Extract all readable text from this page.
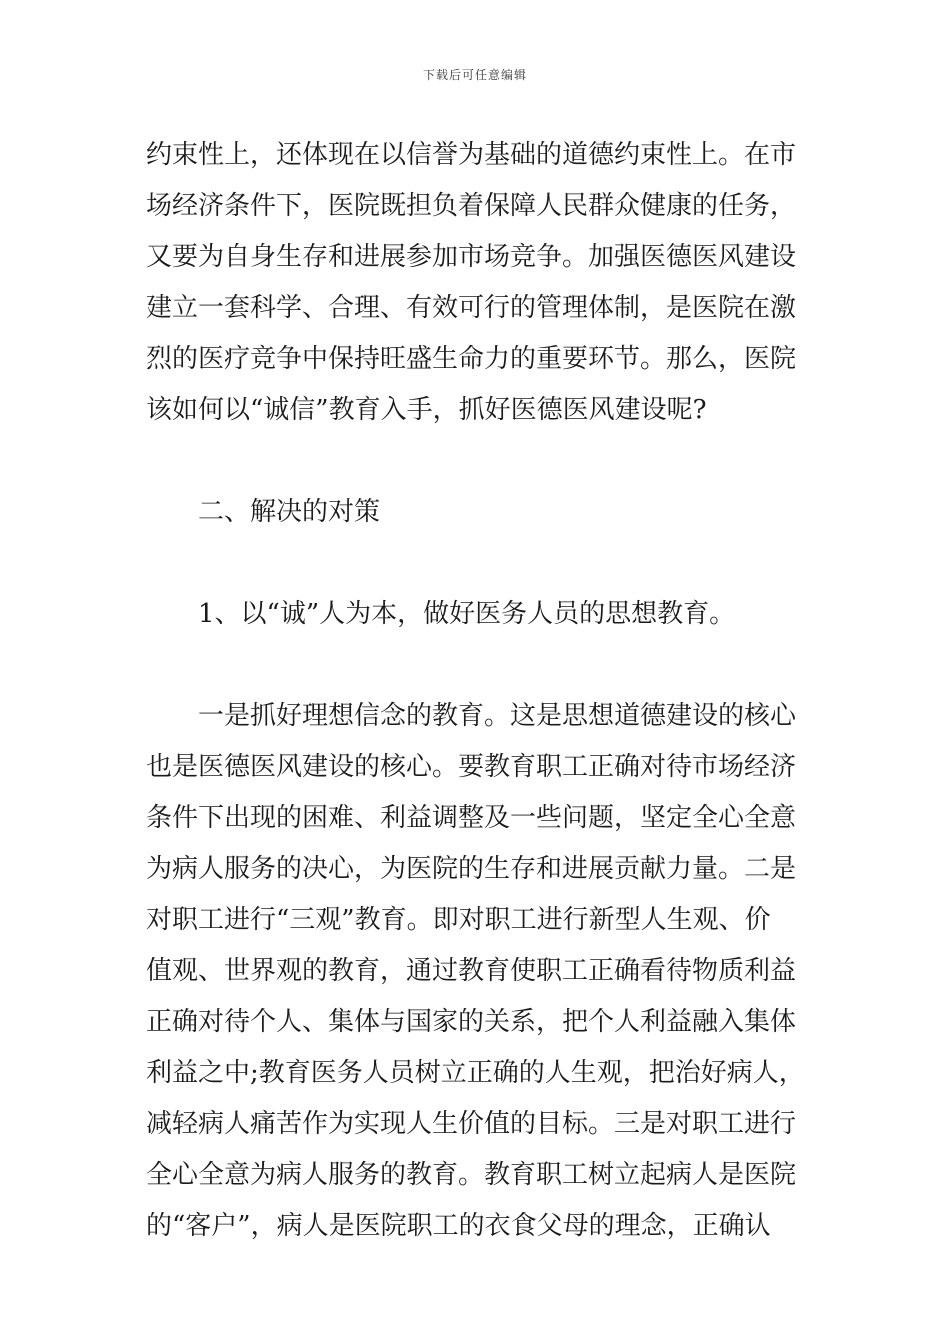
下载后可任意编辑
约束性上，还体现在以信誉为基础的道德约束性上。在市
场经济条件下，医院既担负着保障人民群众健康的任务，
又要为自身生存和进展参加市场竞争。加强医德医风建设
建立一套科学、合理、有效可行的管理体制，是医院在激
烈的医疗竞争中保持旺盛生命力的重要环节。那么，医院
该如何以“诚信”教育入手，抓好医德医风建设呢?
二、解决的对策
1、以“诚”人为本，做好医务人员的思想教育。
一是抓好理想信念的教育。这是思想道德建设的核心
也是医德医风建设的核心。要教育职工正确对待市场经济
条件下出现的困难、利益调整及一些问题，坚定全心全意
为病人服务的决心，为医院的生存和进展贡献力量。二是
对职工进行“三观”教育。即对职工进行新型人生观、价
值观、世界观的教育，通过教育使职工正确看待物质利益
正确对待个人、集体与国家的关系，把个人利益融入集体
利益之中;教育医务人员树立正确的人生观，把治好病人，
减轻病人痛苦作为实现人生价值的目标。三是对职工进行
全心全意为病人服务的教育。教育职工树立起病人是医院
的“客户”，病人是医院职工的衣食父母的理念，正确认
